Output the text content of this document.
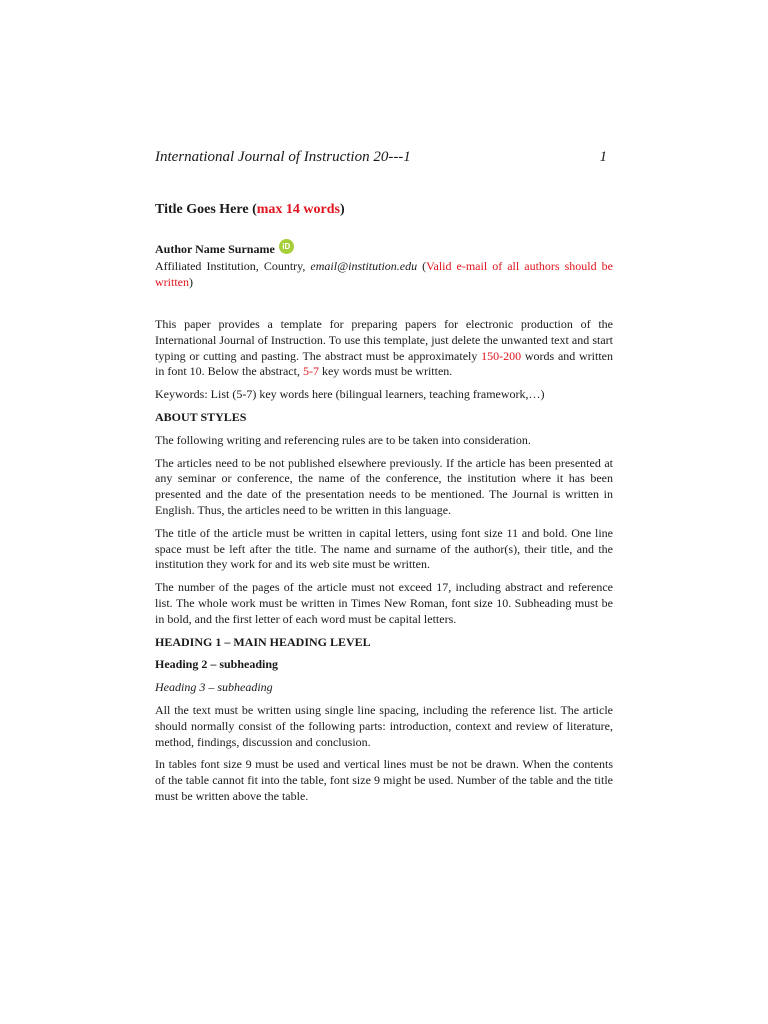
International Journal of Instruction 20---1	1
Title Goes Here (max 14 words)
Author Name Surname iD
Affiliated Institution, Country, email@institution.edu (Valid e-mail of all authors should be written)

This paper provides a template for preparing papers for electronic production of the International Journal of Instruction. To use this template, just delete the unwanted text and start typing or cutting and pasting. The abstract must be approximately 150-200 words and written in font 10. Below the abstract, 5-7 key words must be written.

Keywords: List (5-7) key words here (bilingual learners, teaching framework,…)

ABOUT STYLES

The following writing and referencing rules are to be taken into consideration.

The articles need to be not published elsewhere previously. If the article has been presented at any seminar or conference, the name of the conference, the institution where it has been presented and the date of the presentation needs to be mentioned. The Journal is written in English. Thus, the articles need to be written in this language.

The title of the article must be written in capital letters, using font size 11 and bold. One line space must be left after the title. The name and surname of the author(s), their title, and the institution they work for and its web site must be written.

The number of the pages of the article must not exceed 17, including abstract and reference list. The whole work must be written in Times New Roman, font size 10. Subheading must be in bold, and the first letter of each word must be capital letters.

HEADING 1 – MAIN HEADING LEVEL
Heading 2 – subheading
Heading 3 – subheading

All the text must be written using single line spacing, including the reference list. The article should normally consist of the following parts: introduction, context and review of literature, method, findings, discussion and conclusion.

In tables font size 9 must be used and vertical lines must be not be drawn. When the contents of the table cannot fit into the table, font size 9 might be used. Number of the table and the title must be written above the table.
